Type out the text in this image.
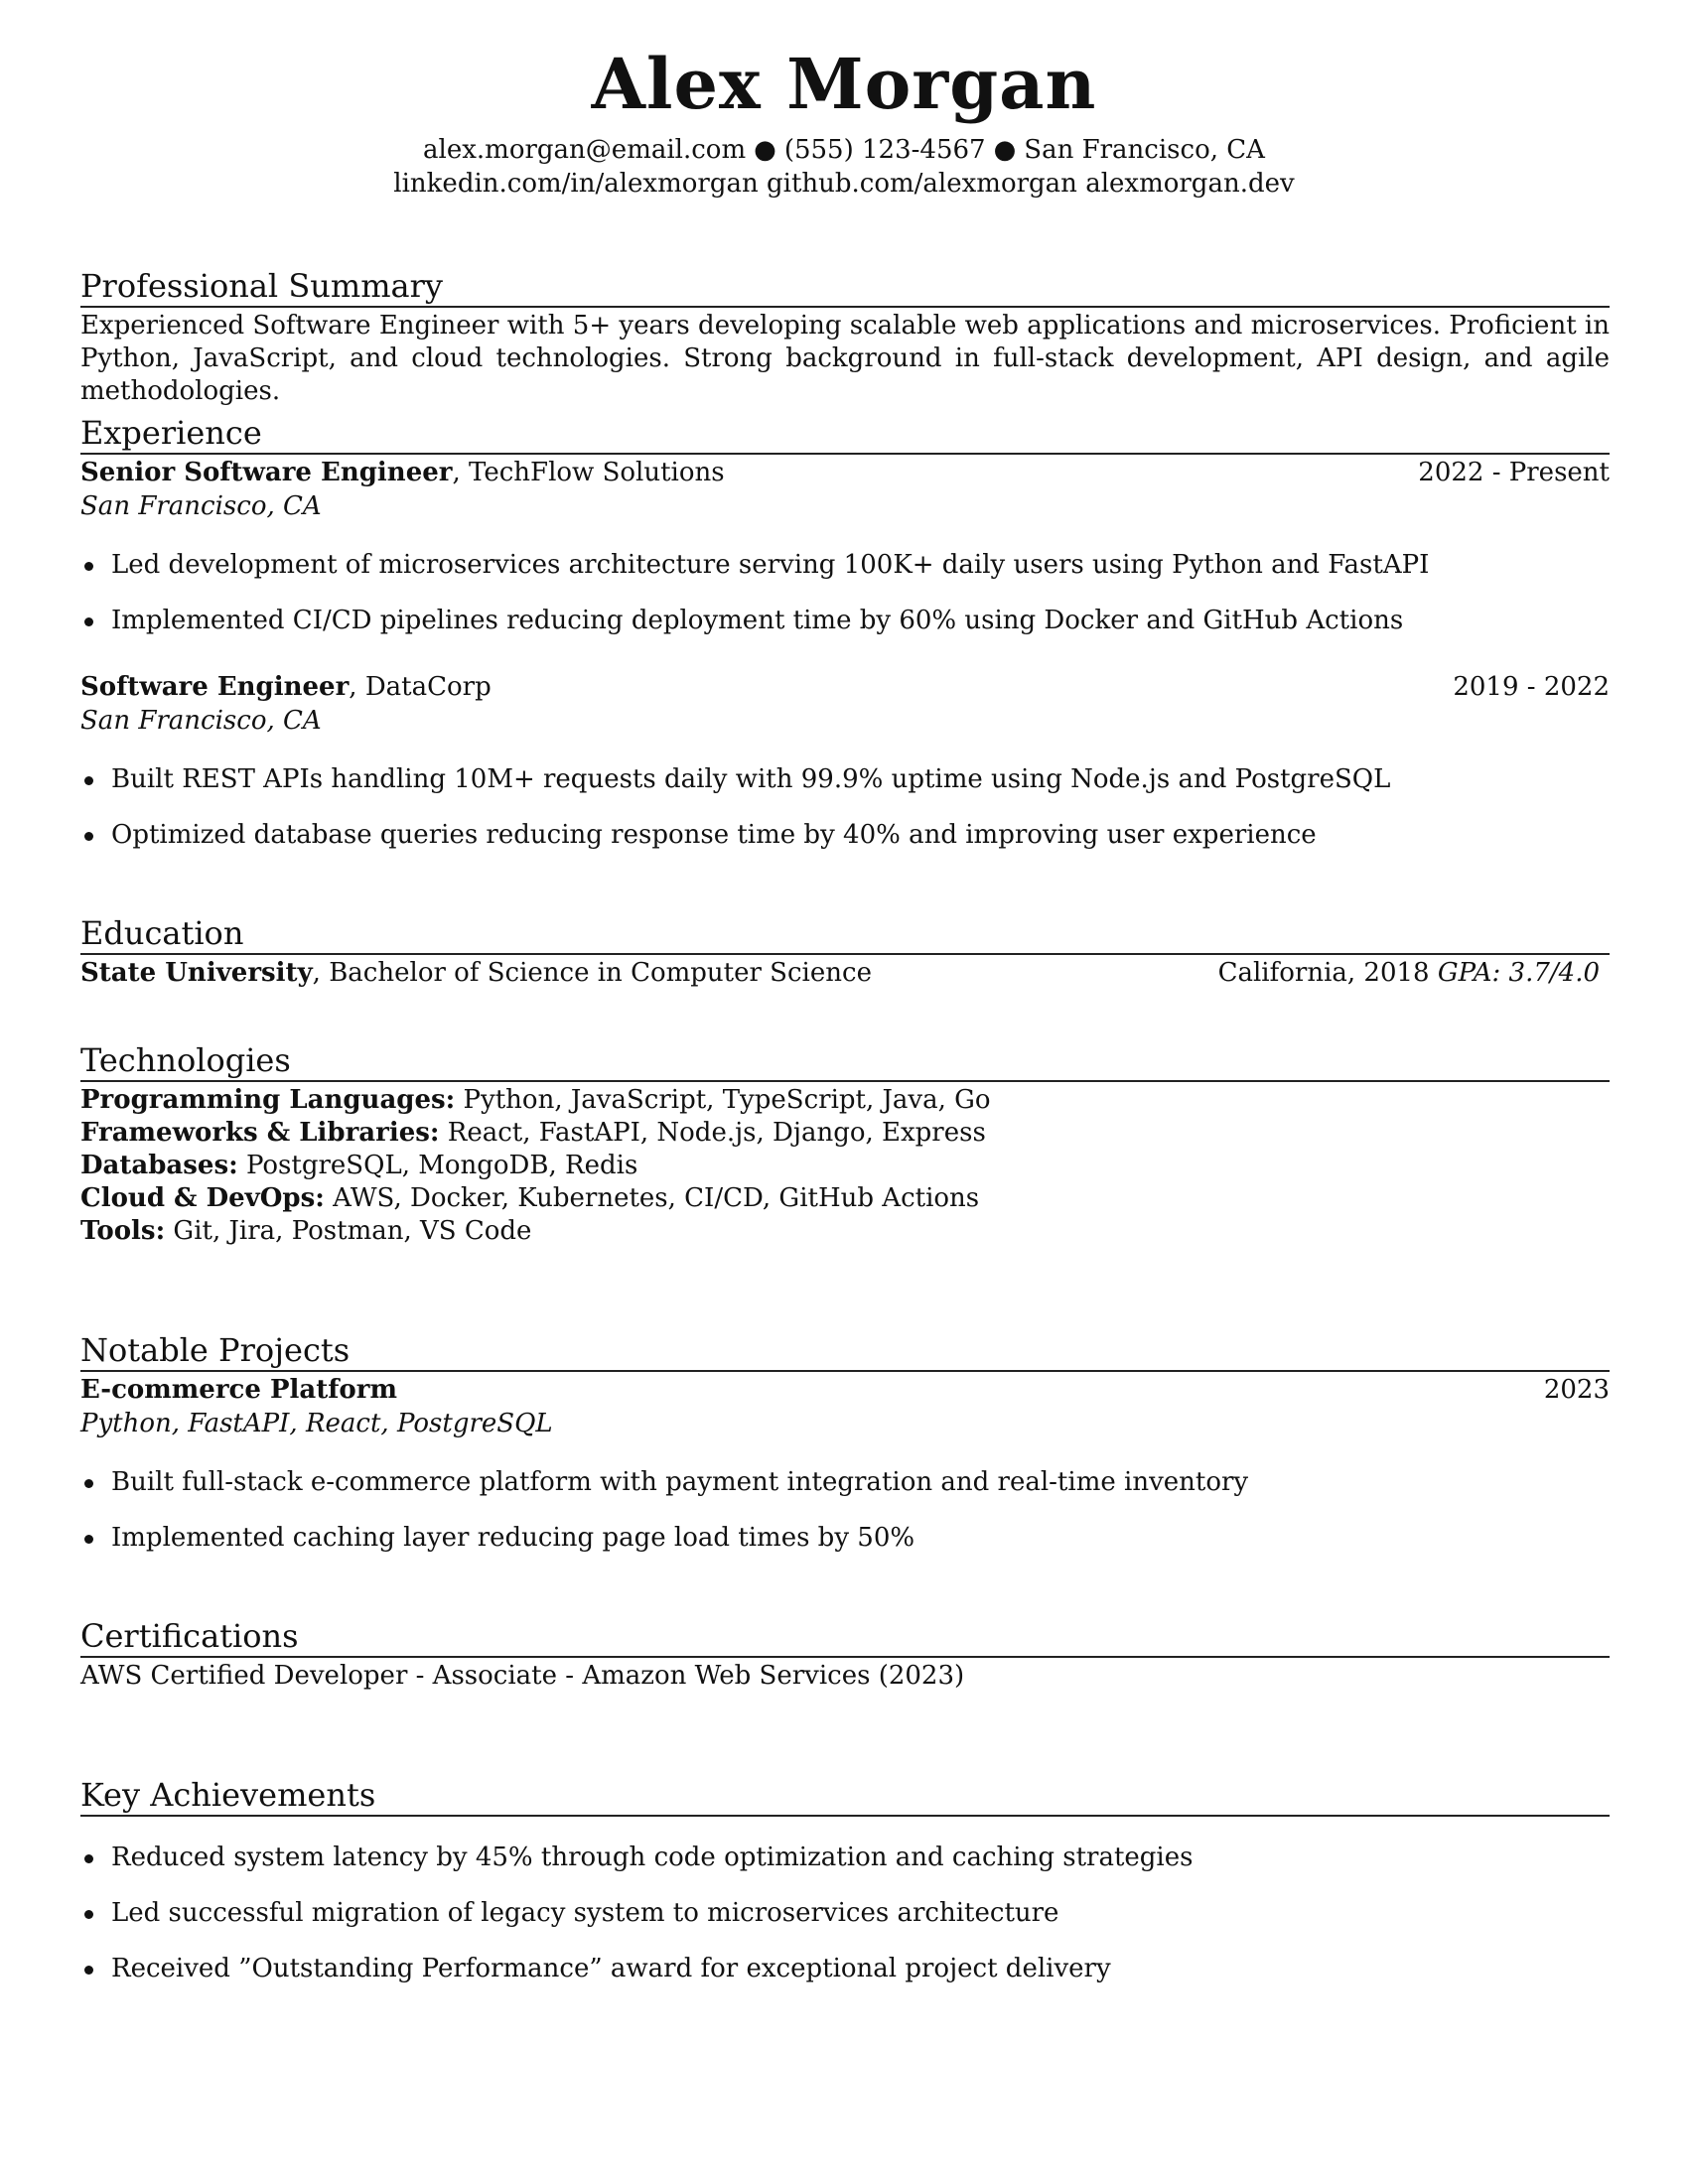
Alex Morgan
alex.morgan@email.com ● (555) 123-4567 ● San Francisco, CA
linkedin.com/in/alexmorgan github.com/alexmorgan alexmorgan.dev
Professional Summary
Experienced Software Engineer with 5+ years developing scalable web applications and microservices. Proficient in Python, JavaScript, and cloud technologies. Strong background in full-stack development, API design, and agile methodologies.
Experience
Senior Software Engineer, TechFlow Solutions	2022 - Present
San Francisco, CA
Led development of microservices architecture serving 100K+ daily users using Python and FastAPI
Implemented CI/CD pipelines reducing deployment time by 60% using Docker and GitHub Actions
Software Engineer, DataCorp	2019 - 2022
San Francisco, CA
Built REST APIs handling 10M+ requests daily with 99.9% uptime using Node.js and PostgreSQL
Optimized database queries reducing response time by 40% and improving user experience
Education
State University, Bachelor of Science in Computer Science	California, 2018 GPA: 3.7/4.0
Technologies
Programming Languages: Python, JavaScript, TypeScript, Java, Go
Frameworks & Libraries: React, FastAPI, Node.js, Django, Express
Databases: PostgreSQL, MongoDB, Redis
Cloud & DevOps: AWS, Docker, Kubernetes, CI/CD, GitHub Actions
Tools: Git, Jira, Postman, VS Code
Notable Projects
E-commerce Platform	2023
Python, FastAPI, React, PostgreSQL
Built full-stack e-commerce platform with payment integration and real-time inventory
Implemented caching layer reducing page load times by 50%
Certifications
AWS Certified Developer - Associate - Amazon Web Services (2023)
Key Achievements
Reduced system latency by 45% through code optimization and caching strategies
Led successful migration of legacy system to microservices architecture
Received ”Outstanding Performance” award for exceptional project delivery
